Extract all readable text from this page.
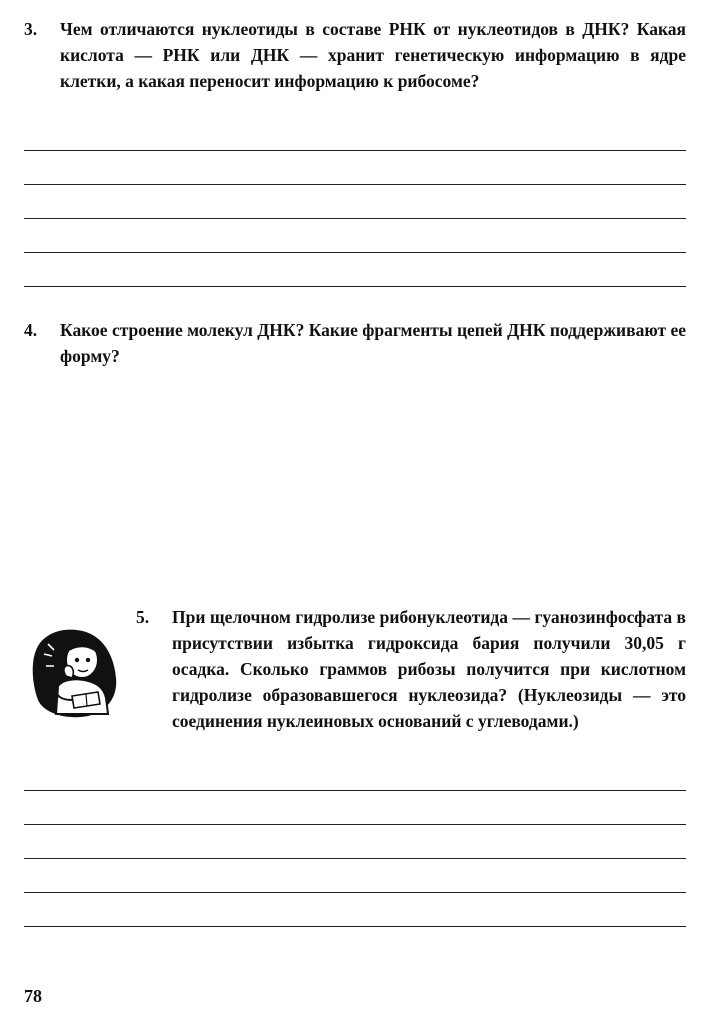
3. Чем отличаются нуклеотиды в составе РНК от нуклеотидов в ДНК? Какая кислота — РНК или ДНК — хранит генетическую информацию в ядре клетки, а какая переносит информацию к рибосоме?
4. Какое строение молекул ДНК? Какие фрагменты цепей ДНК поддерживают ее форму?
5. При щелочном гидролизе рибонуклеотида — гуанозинфосфата в присутствии избытка гидроксида бария получили 30,05 г осадка. Сколько граммов рибозы получится при кислотном гидролизе образовавшегося нуклеозида? (Нуклеозиды — это соединения нуклеиновых оснований с углеводами.)
78
